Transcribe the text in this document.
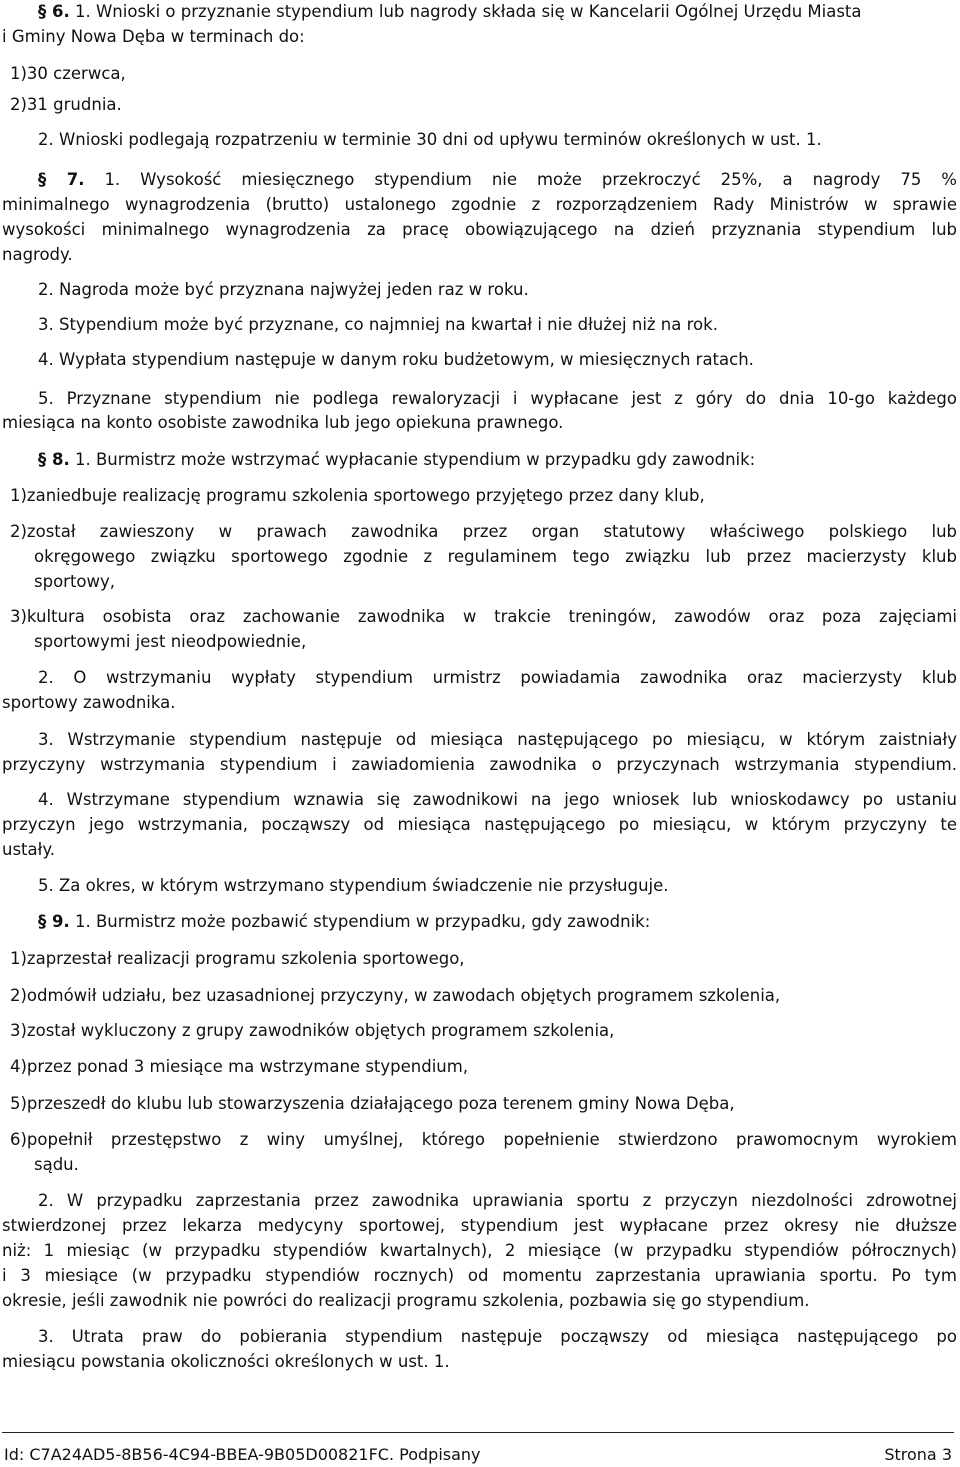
§ 6. 1. Wnioski o przyznanie stypendium lub nagrody składa się w Kancelarii Ogólnej Urzędu Miasta
i Gminy Nowa Dęba w terminach do:
1)30 czerwca,
2)31 grudnia.
2. Wnioski podlegają rozpatrzeniu w terminie 30 dni od upływu terminów określonych w ust. 1.
§ 7. 1. Wysokość miesięcznego stypendium nie może przekroczyć 25%, a nagrody 75 %
minimalnego wynagrodzenia (brutto) ustalonego zgodnie z rozporządzeniem Rady Ministrów w sprawie
wysokości minimalnego wynagrodzenia za pracę obowiązującego na dzień przyznania stypendium lub
nagrody.
2. Nagroda może być przyznana najwyżej jeden raz w roku.
3. Stypendium może być przyznane, co najmniej na kwartał i nie dłużej niż na rok.
4. Wypłata stypendium następuje w danym roku budżetowym, w miesięcznych ratach.
5. Przyznane stypendium nie podlega rewaloryzacji i wypłacane jest z góry do dnia 10-go każdego
miesiąca na konto osobiste zawodnika lub jego opiekuna prawnego.
§ 8. 1. Burmistrz może wstrzymać wypłacanie stypendium w przypadku gdy zawodnik:
1)zaniedbuje realizację programu szkolenia sportowego przyjętego przez dany klub,
2)został zawieszony w prawach zawodnika przez organ statutowy właściwego polskiego lub
okręgowego związku sportowego zgodnie z regulaminem tego związku lub przez macierzysty klub
sportowy,
3)kultura osobista oraz zachowanie zawodnika w trakcie treningów, zawodów oraz poza zajęciami
sportowymi jest nieodpowiednie,
2. O wstrzymaniu wypłaty stypendium urmistrz powiadamia zawodnika oraz macierzysty klub
sportowy zawodnika.
3. Wstrzymanie stypendium następuje od miesiąca następującego po miesiącu, w którym zaistniały
przyczyny wstrzymania stypendium i zawiadomienia zawodnika o przyczynach wstrzymania stypendium.
4. Wstrzymane stypendium wznawia się zawodnikowi na jego wniosek lub wnioskodawcy po ustaniu
przyczyn jego wstrzymania, począwszy od miesiąca następującego po miesiącu, w którym przyczyny te
ustały.
5. Za okres, w którym wstrzymano stypendium świadczenie nie przysługuje.
§ 9. 1. Burmistrz może pozbawić stypendium w przypadku, gdy zawodnik:
1)zaprzestał realizacji programu szkolenia sportowego,
2)odmówił udziału, bez uzasadnionej przyczyny, w zawodach objętych programem szkolenia,
3)został wykluczony z grupy zawodników objętych programem szkolenia,
4)przez ponad 3 miesiące ma wstrzymane stypendium,
5)przeszedł do klubu lub stowarzyszenia działającego poza terenem gminy Nowa Dęba,
6)popełnił przestępstwo z winy umyślnej, którego popełnienie stwierdzono prawomocnym wyrokiem
sądu.
2. W przypadku zaprzestania przez zawodnika uprawiania sportu z przyczyn niezdolności zdrowotnej
stwierdzonej przez lekarza medycyny sportowej, stypendium jest wypłacane przez okresy nie dłuższe
niż: 1 miesiąc (w przypadku stypendiów kwartalnych), 2 miesiące (w przypadku stypendiów półrocznych)
i 3 miesiące (w przypadku stypendiów rocznych) od momentu zaprzestania uprawiania sportu. Po tym
okresie, jeśli zawodnik nie powróci do realizacji programu szkolenia, pozbawia się go stypendium.
3. Utrata praw do pobierania stypendium następuje począwszy od miesiąca następującego po
miesiącu powstania okoliczności określonych w ust. 1.
Id: C7A24AD5-8B56-4C94-BBEA-9B05D00821FC. Podpisany	Strona 3
